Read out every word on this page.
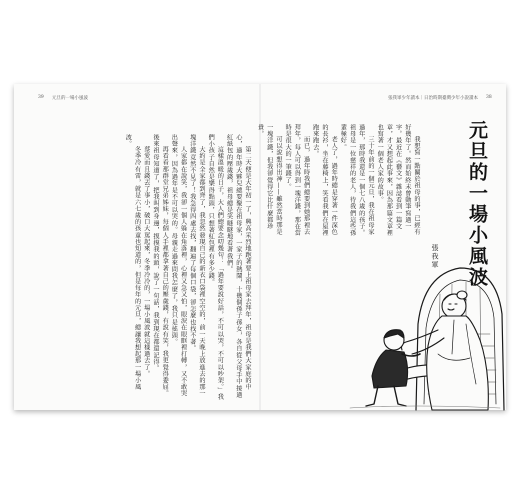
39 元旦的一場小風波

第二天便是大年初一了，興高采烈地跑著要上祖母家去拜年，祖母是我們大家庭的中心，過年時大夥兒總要聚在祖母家，一家子的熱鬧，十幾個孫子孫女，各自從父母手中接過紅紙包的壓歲錢，祖母總是笑瞇瞇地看著我們。

這樣溫暖的日子，大人們總要念叨幾句：「過年要說好話，不可以哭，不可以吵架。」我們小孩子自然是樂得點頭，只想著紅包裡有多少錢。

大約是全家都到齊了，我忽然發現自己的新衣口袋裡空空的，前一天晚上放進去的那一塊洋錢竟然不見了！我急得四處去找，翻遍了每個口袋，卻怎麼也找不著。

人家都在說笑，我卻一個人躲在角落裡，心裡又急又怕，眼淚在眼眶裡打轉，又不敢哭出聲來，因為過年是不可以哭的。母親走過來問我怎麼了，我只是搖頭。

再看看那群堂兄弟姊妹，每個人手裡都拿著自己的壓歲錢，有說有笑，我更覺得委屈。後來祖母知道了，把我叫到身邊，摸摸我的頭，說了一句話，我到現在都還記得。

蔡愛而且錢丟了事小，破口大罵起來，冬季冷冷的，一場小風波就這樣過去了。

冬季冷有雷，就是六七歲的孩童也知道的，但是每年的元旦，總讓我想起那一場小風波。

張我軍少年讀本｜日治時期臺灣少年小說讀本 38
元旦的一場小風波
張我軍

我想寫一點關於祖母的事，已經有好幾年了。然而始終未曾動筆寫過一字。最近在《藝文》雜誌看到一篇文章，才又想起此事來，因為那篇文章裡也寫著一個老人家的故事。

三十年前的一個元旦，我在祖母家過年，那時我還是一個七八歲的孩子。祖母是一位慈祥的老人，待我們這些孫輩極好。

老人了，過年時總是穿著一件深色的長衫，坐在藤椅上，笑看我們在屋裡跑來跑去。

而已，過年時我們總要到她那裡去拜年，每人可以得到一塊洋錢，那在當時是很大的一筆錢了。

可以說想得出神——雖然當時那是一塊洋錢，但我卻覺得它比什麼都珍貴。
